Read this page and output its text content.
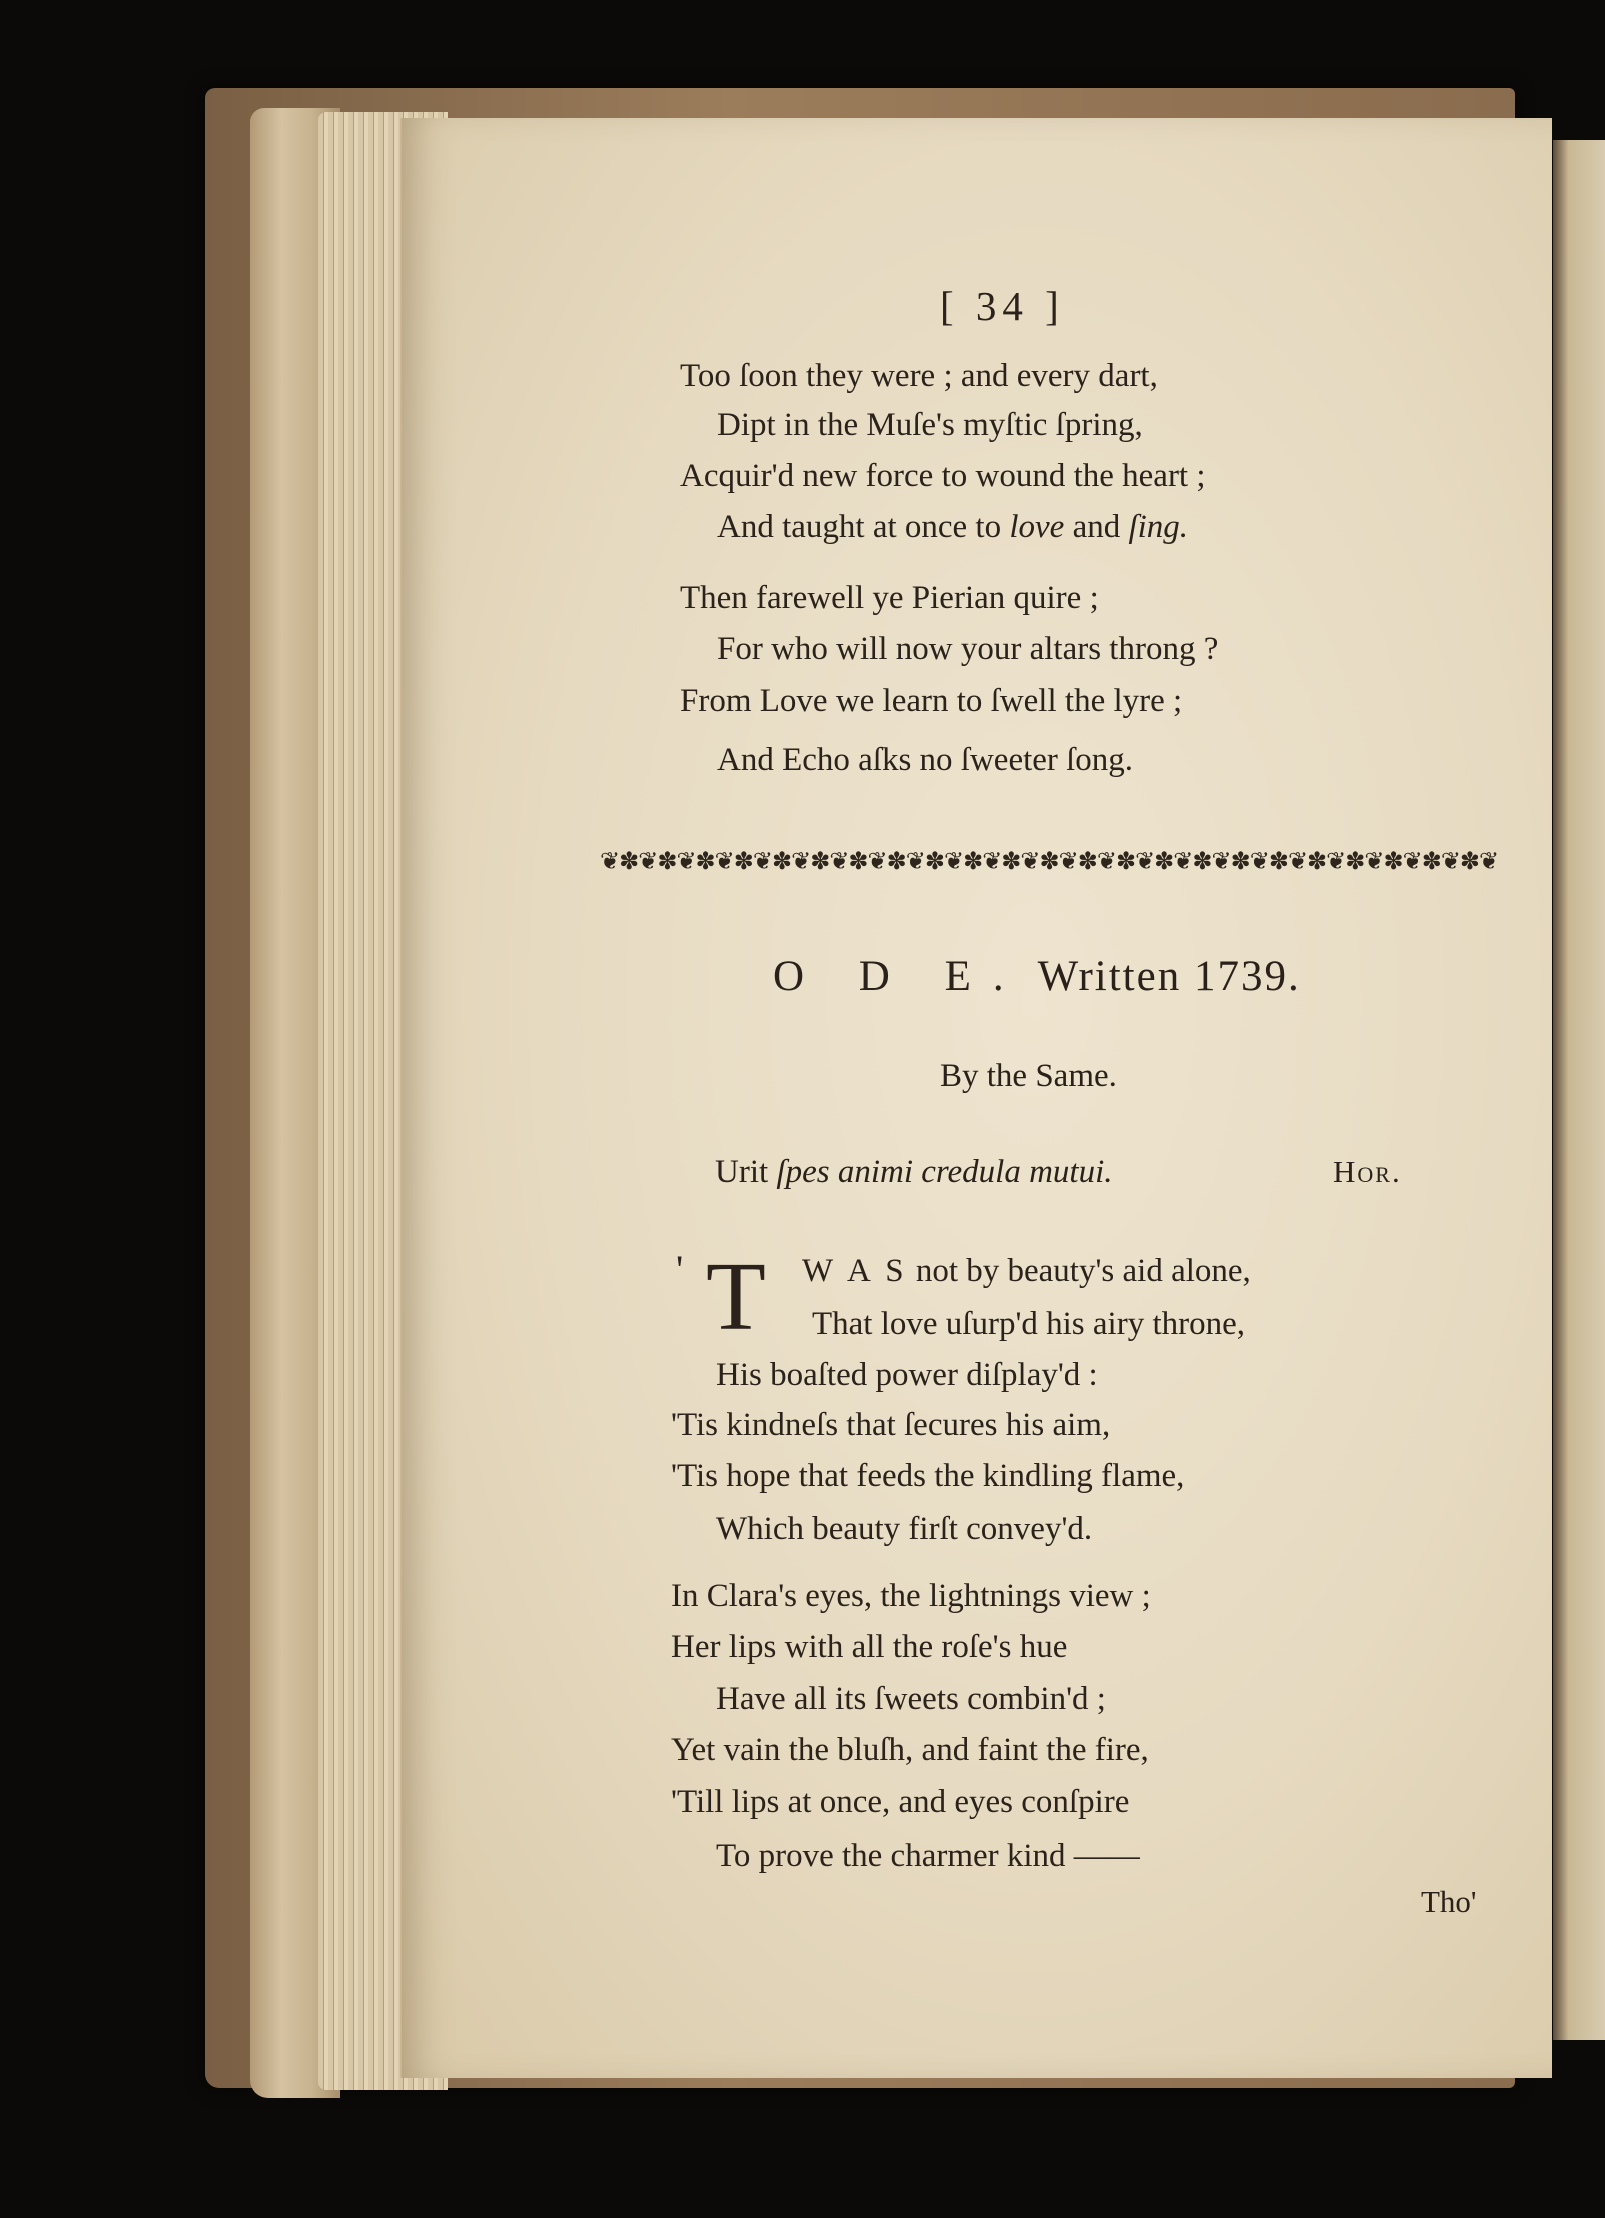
[ 34 ]
Too ſoon they were ; and every dart,
Dipt in the Muſe's myſtic ſpring,
Acquir'd new force to wound the heart ;
And taught at once to love and ſing.
Then farewell ye Pierian quire ;
For who will now your altars throng ?
From Love we learn to ſwell the lyre ;
And Echo aſks no ſweeter ſong.
❦✽❦✽❦✽❦✽❦✽❦✽❦✽❦✽❦✽❦✽❦✽❦✽❦✽❦✽❦✽❦✽❦✽❦✽❦✽❦✽❦✽❦✽❦✽❦
O D E. Written 1739.
By the Same.
Urit ſpes animi credula mutui.	Hor.
' T W A S not by beauty's aid alone,
That love uſurp'd his airy throne,
His boaſted power diſplay'd :
'Tis kindneſs that ſecures his aim,
'Tis hope that feeds the kindling flame,
Which beauty firſt convey'd.
In Clara's eyes, the lightnings view ;
Her lips with all the roſe's hue
Have all its ſweets combin'd ;
Yet vain the bluſh, and faint the fire,
'Till lips at once, and eyes conſpire
To prove the charmer kind ——
Tho'
